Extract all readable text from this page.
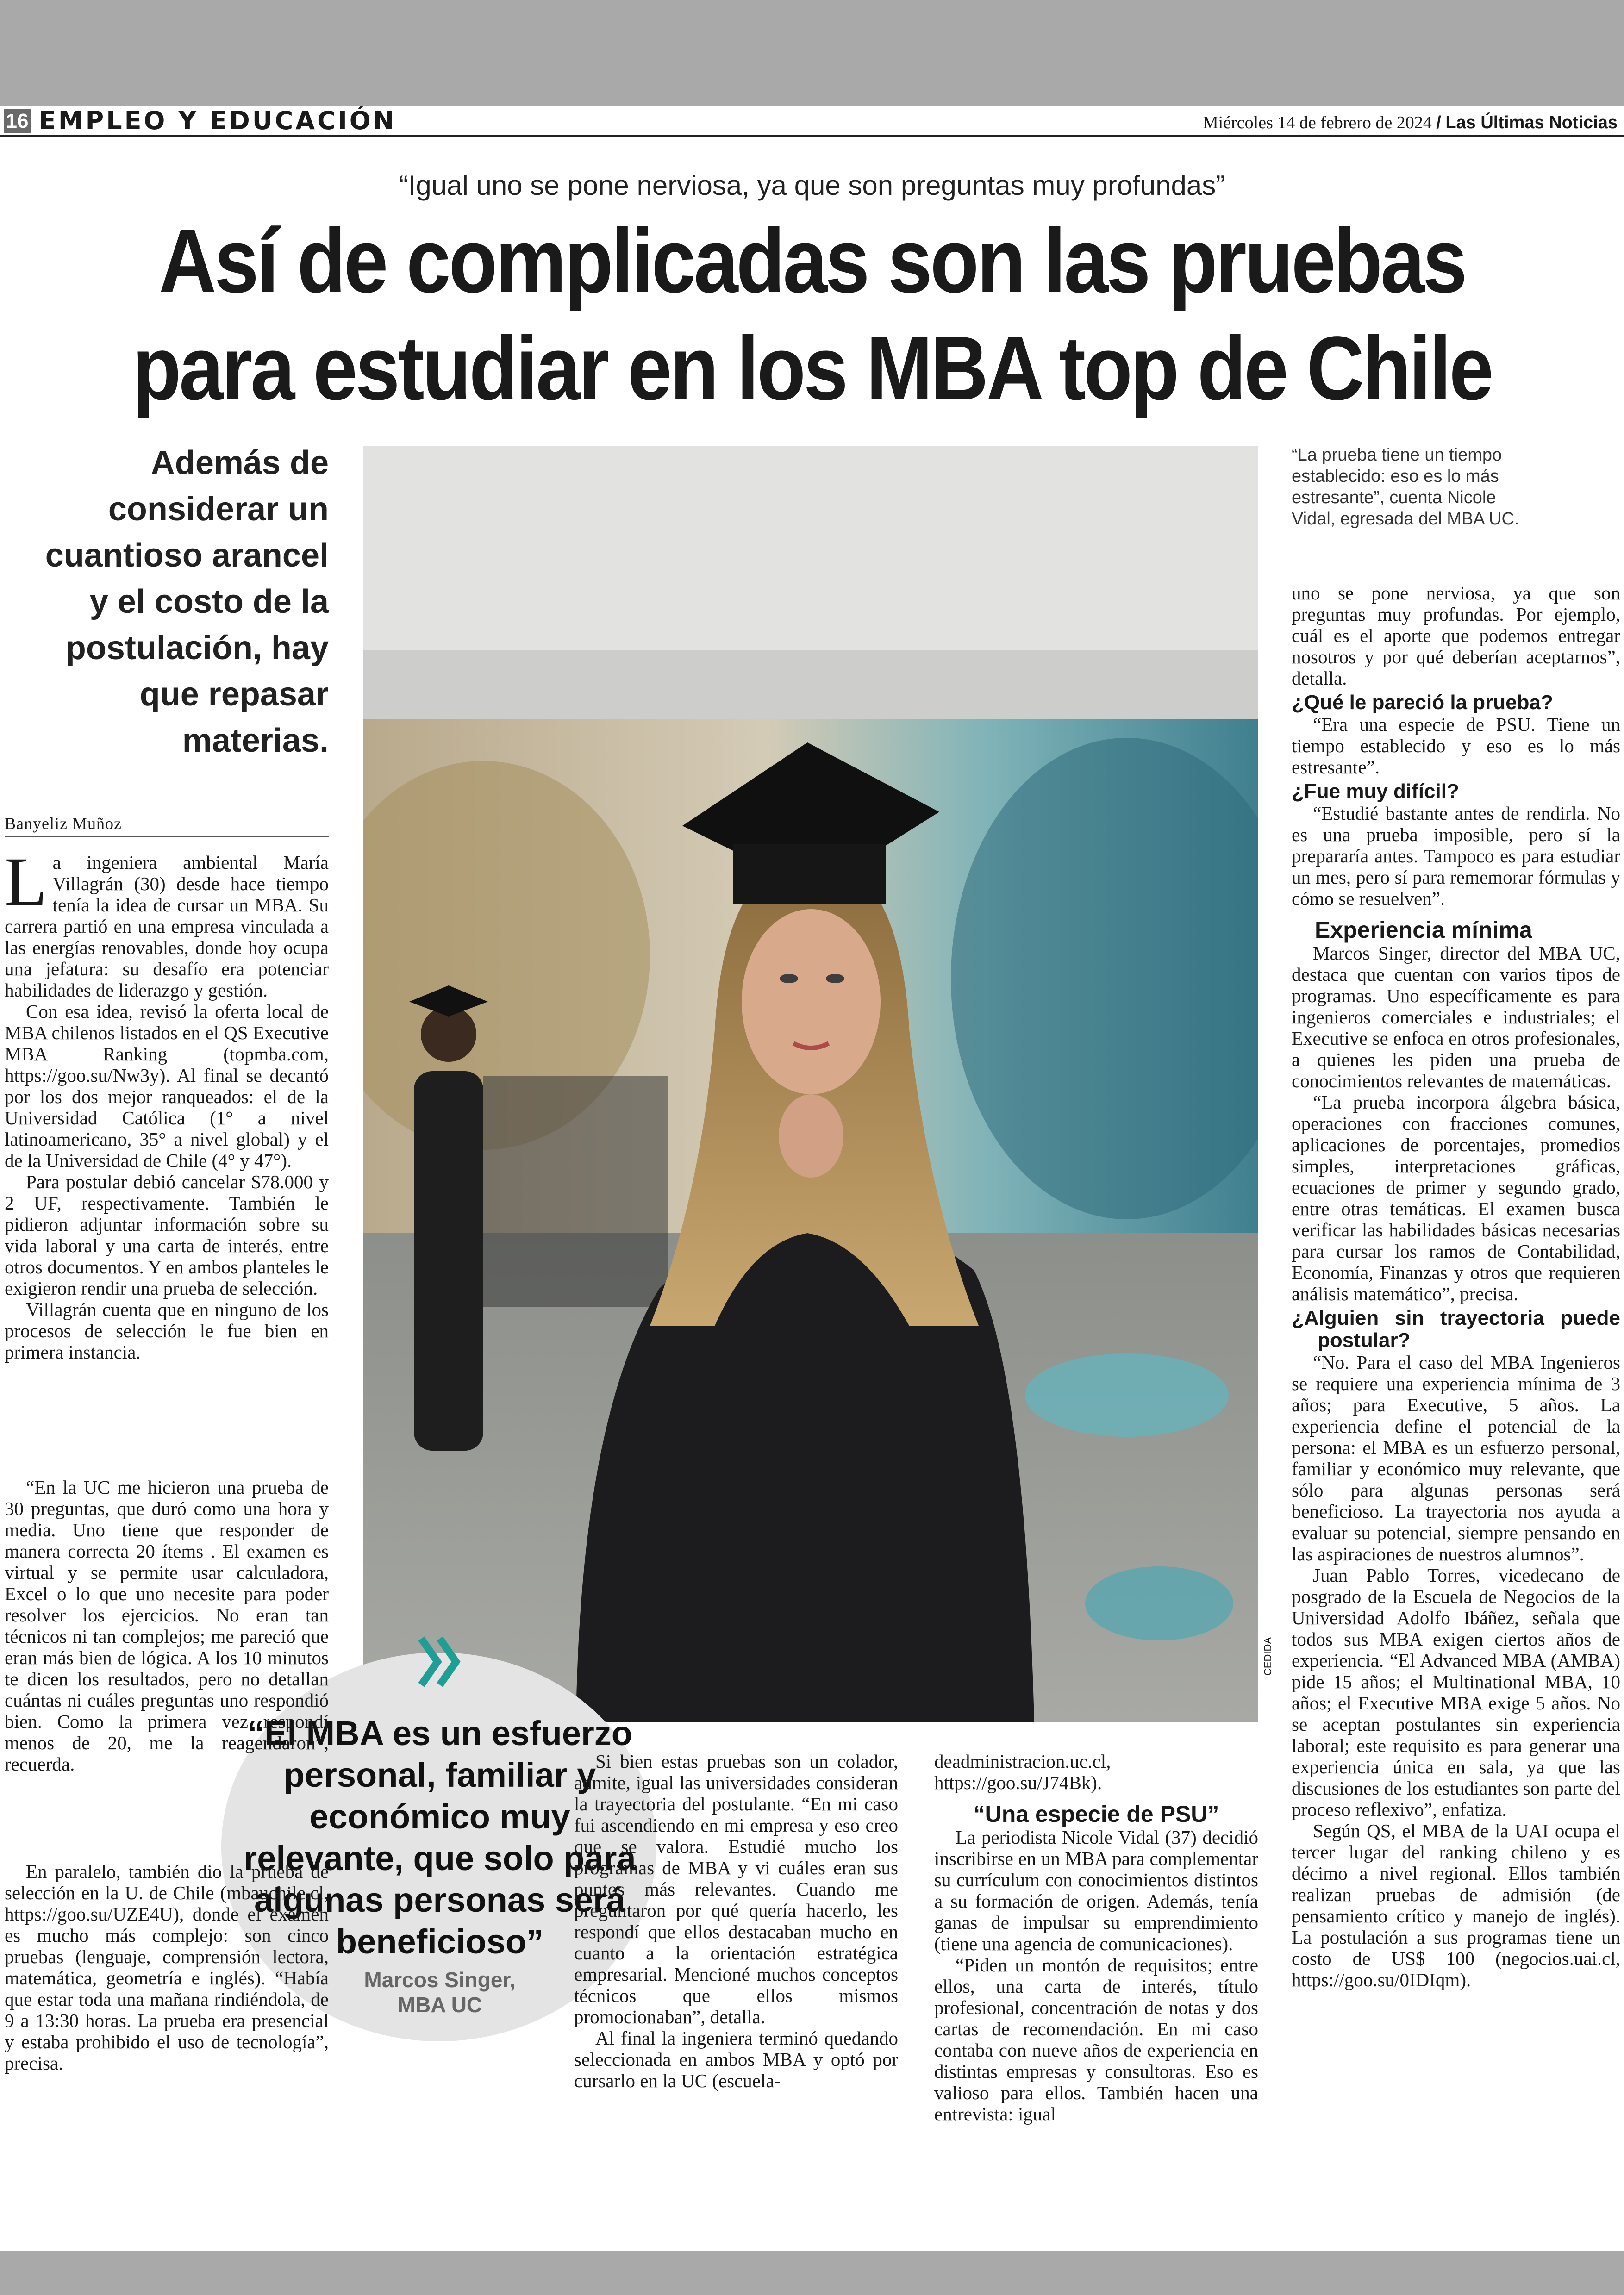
16 EMPLEO Y EDUCACIÓN	Miércoles 14 de febrero de 2024 / Las Últimas Noticias
“Igual uno se pone nerviosa, ya que son preguntas muy profundas”
Así de complicadas son las pruebas
para estudiar en los MBA top de Chile
Además de considerar un cuantioso arancel y el costo de la postulación, hay que repasar materias.
Banyeliz Muñoz
CEDIDA
“La prueba tiene un tiempo establecido: eso es lo más estresante”, cuenta Nicole Vidal, egresada del MBA UC.
“El MBA es un esfuerzo personal, familiar y económico muy relevante, que solo para algunas personas será beneficioso”
Marcos Singer,
MBA UC
L a ingeniera ambiental María Villagrán (30) desde hace tiempo tenía la idea de cursar un MBA. Su carrera partió en una empresa vinculada a las energías renovables, donde hoy ocupa una jefatura: su desafío era potenciar habilidades de liderazgo y gestión.

Con esa idea, revisó la oferta local de MBA chilenos listados en el QS Executive MBA Ranking (topmba.com, https://goo.su/Nw3y). Al final se decantó por los dos mejor ranqueados: el de la Universidad Católica (1° a nivel latinoamericano, 35° a nivel global) y el de la Universidad de Chile (4° y 47°).

Para postular debió cancelar $78.000 y 2 UF, respectivamente. También le pidieron adjuntar información sobre su vida laboral y una carta de interés, entre otros documentos. Y en ambos planteles le exigieron rendir una prueba de selección.

Villagrán cuenta que en ninguno de los procesos de selección le fue bien en primera instancia.

“En la UC me hicieron una prueba de 30 preguntas, que duró como una hora y media. Uno tiene que responder de manera correcta 20 ítems . El examen es virtual y se permite usar calculadora, Excel o lo que uno necesite para poder resolver los ejercicios. No eran tan técnicos ni tan complejos; me pareció que eran más bien de lógica. A los 10 minutos te dicen los resultados, pero no detallan cuántas ni cuáles preguntas uno respondió bien. Como la primera vez respondí menos de 20, me la reagendaron”, recuerda.

En paralelo, también dio la prueba de selección en la U. de Chile (mbauchile.cl, https://goo.su/UZE4U), donde el examen es mucho más complejo: son cinco pruebas (lenguaje, comprensión lectora, matemática, geometría e inglés). “Había que estar toda una mañana rindiéndola, de 9 a 13:30 horas. La prueba era presencial y estaba prohibido el uso de tecnología”, precisa.

Si bien estas pruebas son un colador, admite, igual las universidades consideran la trayectoria del postulante. “En mi caso fui ascendiendo en mi empresa y eso creo que se valora. Estudié mucho los programas de MBA y vi cuáles eran sus puntos más relevantes. Cuando me preguntaron por qué quería hacerlo, les respondí que ellos destacaban mucho en cuanto a la orientación estratégica empresarial. Mencioné muchos conceptos técnicos que ellos mismos promocionaban”, detalla.

Al final la ingeniera terminó quedando seleccionada en ambos MBA y optó por cursarlo en la UC (escuela-

deadministracion.uc.cl, https://goo.su/J74Bk).

“Una especie de PSU”

La periodista Nicole Vidal (37) decidió inscribirse en un MBA para complementar su currículum con conocimientos distintos a su formación de origen. Además, tenía ganas de impulsar su emprendimiento (tiene una agencia de comunicaciones).

“Piden un montón de requisitos; entre ellos, una carta de interés, título profesional, concentración de notas y dos cartas de recomendación. En mi caso contaba con nueve años de experiencia en distintas empresas y consultoras. Eso es valioso para ellos. También hacen una entrevista: igual

uno se pone nerviosa, ya que son preguntas muy profundas. Por ejemplo, cuál es el aporte que podemos entregar nosotros y por qué deberían aceptarnos”, detalla.

¿Qué le pareció la prueba?

“Era una especie de PSU. Tiene un tiempo establecido y eso es lo más estresante”.

¿Fue muy difícil?

“Estudié bastante antes de rendirla. No es una prueba imposible, pero sí la prepararía antes. Tampoco es para estudiar un mes, pero sí para rememorar fórmulas y cómo se resuelven”.

Experiencia mínima

Marcos Singer, director del MBA UC, destaca que cuentan con varios tipos de programas. Uno específicamente es para ingenieros comerciales e industriales; el Executive se enfoca en otros profesionales, a quienes les piden una prueba de conocimientos relevantes de matemáticas.

“La prueba incorpora álgebra básica, operaciones con fracciones comunes, aplicaciones de porcentajes, promedios simples, interpretaciones gráficas, ecuaciones de primer y segundo grado, entre otras temáticas. El examen busca verificar las habilidades básicas necesarias para cursar los ramos de Contabilidad, Economía, Finanzas y otros que requieren análisis matemático”, precisa.

¿Alguien sin trayectoria puede postular?

“No. Para el caso del MBA Ingenieros se requiere una experiencia mínima de 3 años; para Executive, 5 años. La experiencia define el potencial de la persona: el MBA es un esfuerzo personal, familiar y económico muy relevante, que sólo para algunas personas será beneficioso. La trayectoria nos ayuda a evaluar su potencial, siempre pensando en las aspiraciones de nuestros alumnos”.

Juan Pablo Torres, vicedecano de posgrado de la Escuela de Negocios de la Universidad Adolfo Ibáñez, señala que todos sus MBA exigen ciertos años de experiencia. “El Advanced MBA (AMBA) pide 15 años; el Multinational MBA, 10 años; el Executive MBA exige 5 años. No se aceptan postulantes sin experiencia laboral; este requisito es para generar una experiencia única en sala, ya que las discusiones de los estudiantes son parte del proceso reflexivo”, enfatiza.

Según QS, el MBA de la UAI ocupa el tercer lugar del ranking chileno y es décimo a nivel regional. Ellos también realizan pruebas de admisión (de pensamiento crítico y manejo de inglés). La postulación a sus programas tiene un costo de US$ 100 (negocios.uai.cl, https://goo.su/0IDIqm).
